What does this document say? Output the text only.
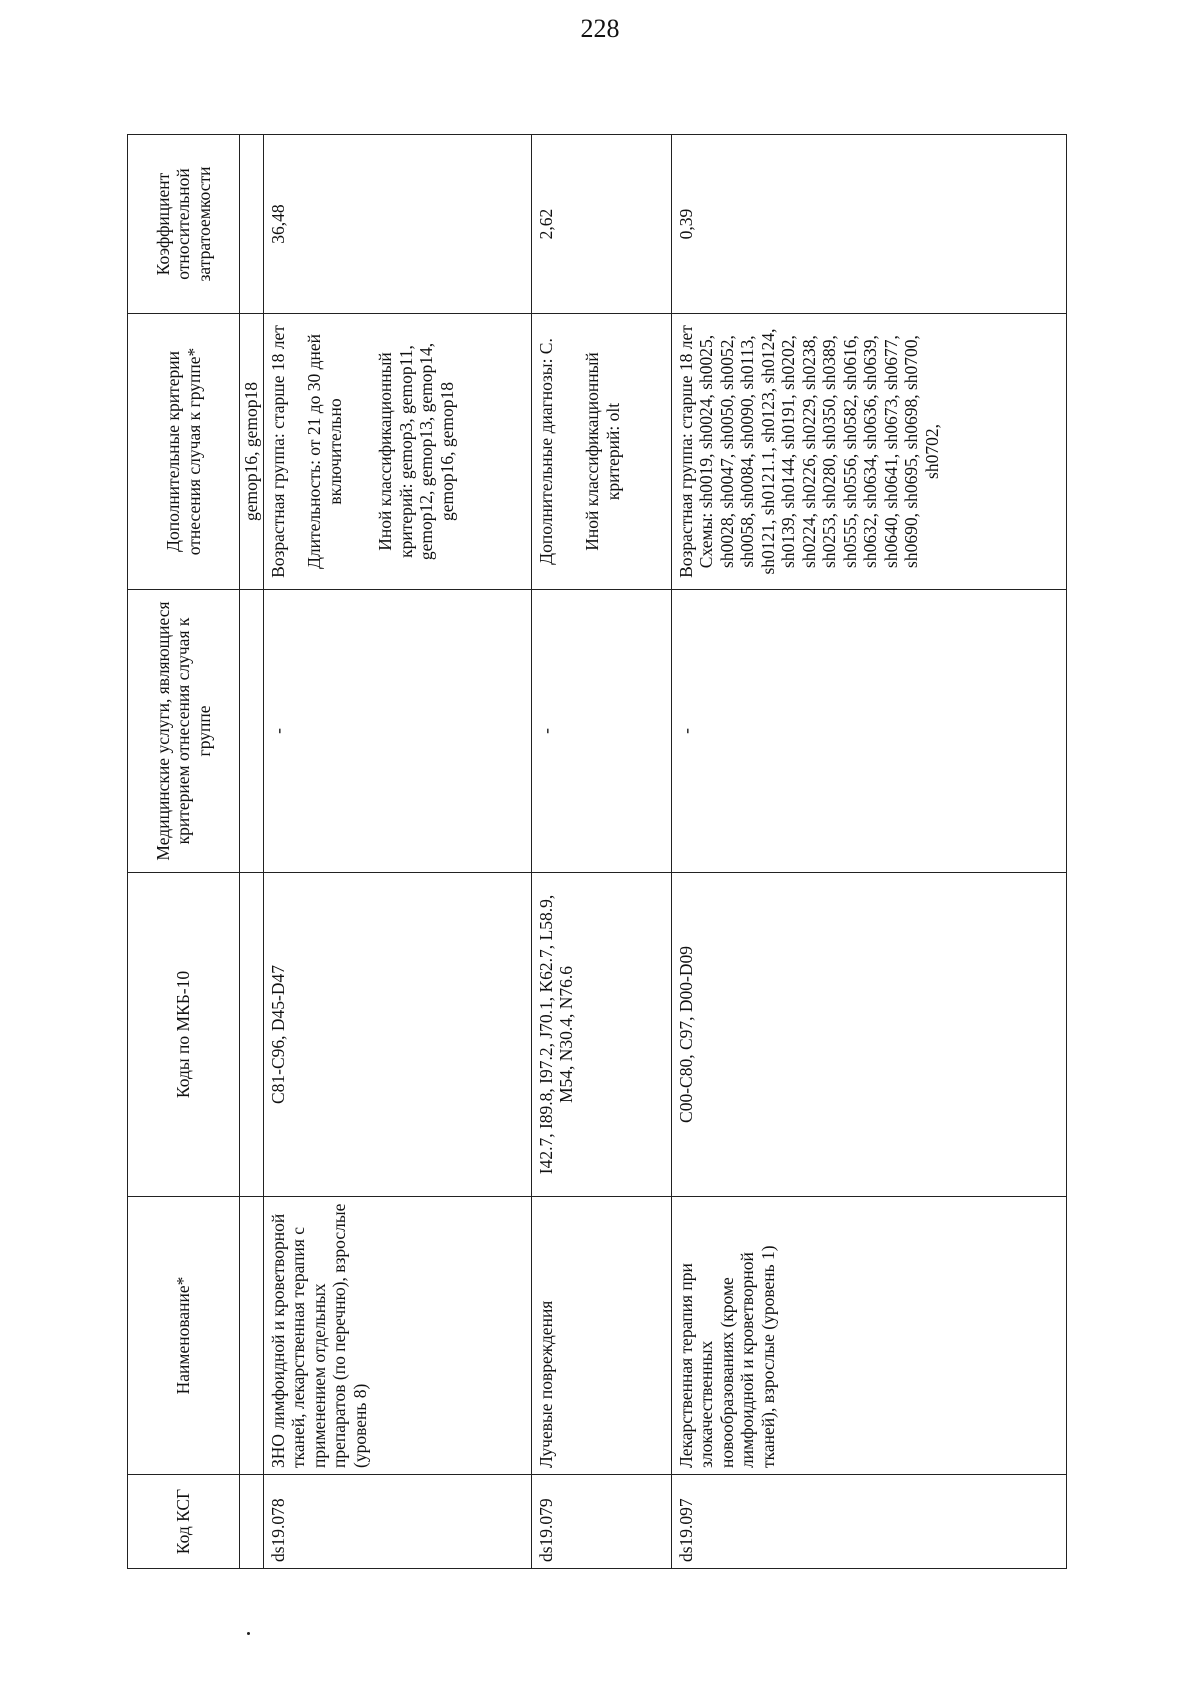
228
Код КСГ	Наименование*	Коды по МКБ-10	Медицинские услуги, являющиеся критерием отнесения случая к группе	Дополнительные критерии отнесения случая к группе*	Коэффициент относительной затратоемкости
				gemop16, gemop18	
ds19.078	ЗНО лимфоидной и кроветворной тканей, лекарственная терапия с применением отдельных препаратов (по перечню), взрослые (уровень 8)	C81-C96, D45-D47	-	Возрастная группа: старше 18 лет Длительность: от 21 до 30 дней включительно Иной классификационный критерий: gemop3, gemop11, gemop12, gemop13, gemop14, gemop16, gemop18	36,48
ds19.079	Лучевые повреждения	I42.7, I89.8, I97.2, J70.1, K62.7, L58.9, M54, N30.4, N76.6	-	Дополнительные диагнозы: C. Иной классификационный критерий: olt	2,62
ds19.097	Лекарственная терапия при злокачественных новообразованиях (кроме лимфоидной и кроветворной тканей), взрослые (уровень 1)	C00-C80, C97, D00-D09	-	Возрастная группа: старше 18 лет Схемы: sh0019, sh0024, sh0025, sh0028, sh0047, sh0050, sh0052, sh0058, sh0084, sh0090, sh0113, sh0121, sh0121.1, sh0123, sh0124, sh0139, sh0144, sh0191, sh0202, sh0224, sh0226, sh0229, sh0238, sh0253, sh0280, sh0350, sh0389, sh0555, sh0556, sh0582, sh0616, sh0632, sh0634, sh0636, sh0639, sh0640, sh0641, sh0673, sh0677, sh0690, sh0695, sh0698, sh0700, sh0702,	0,39
